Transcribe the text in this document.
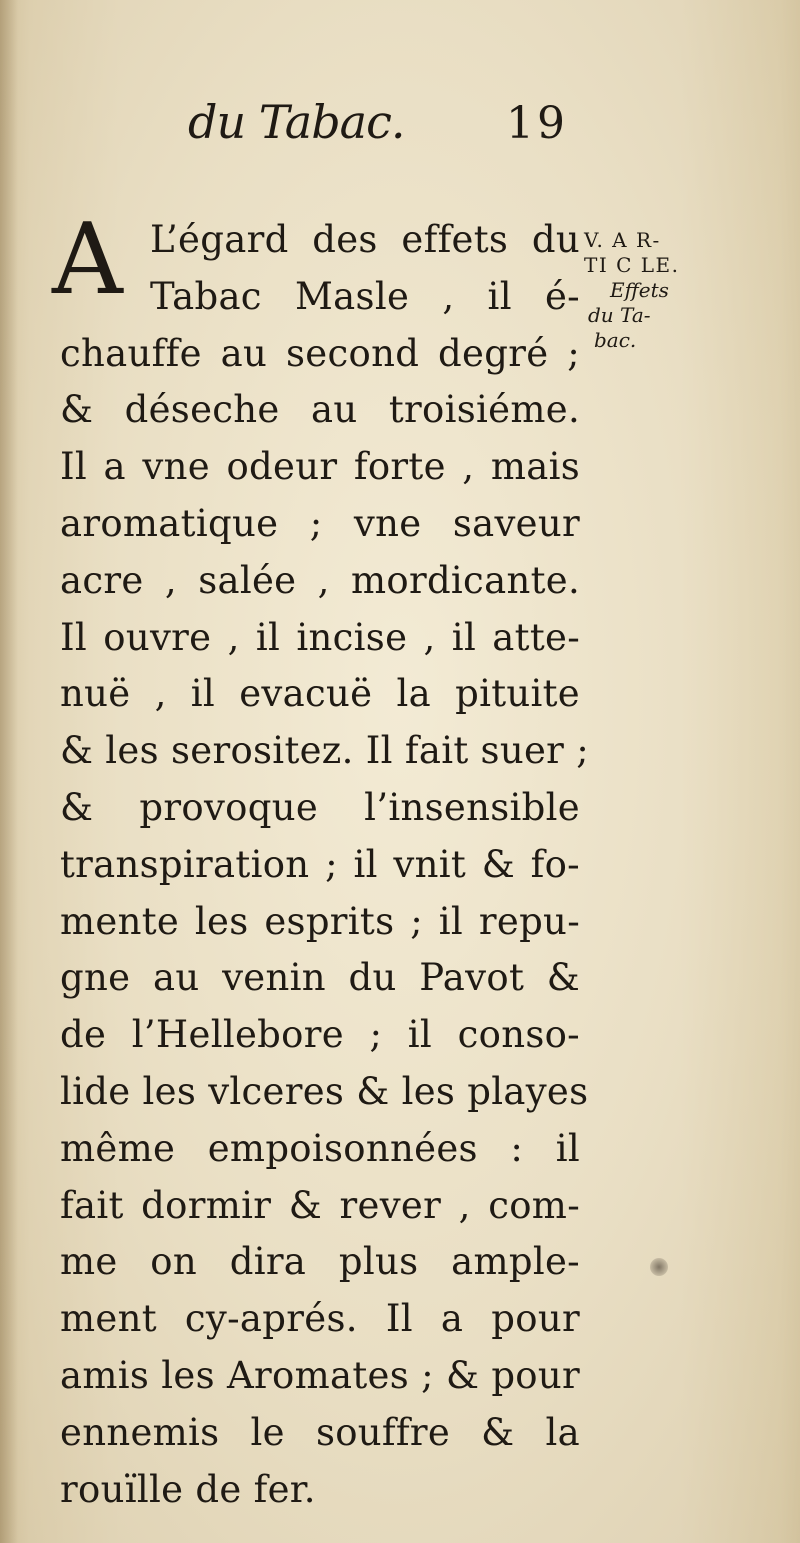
du Tabac. 19
A L’égard des effets du
Tabac Masle , il é-
chauffe au second degré ;
& déseche au troisiéme.
Il a vne odeur forte , mais
aromatique ; vne saveur
acre , salée , mordicante.
Il ouvre , il incise , il atte-
nuë , il evacuë la pituite
& les serositez. Il fait suer ;
& provoque l’insensible
transpiration ; il vnit & fo-
mente les esprits ; il repu-
gne au venin du Pavot &
de l’Hellebore ; il conso-
lide les vlceres & les playes
même empoisonnées : il
fait dormir & rever , com-
me on dira plus ample-
ment cy-aprés. Il a pour
amis les Aromates ; & pour
ennemis le souffre & la
rouïlle de fer.
V. A R-
TI C LE.
Effets
du Ta-
bac.
